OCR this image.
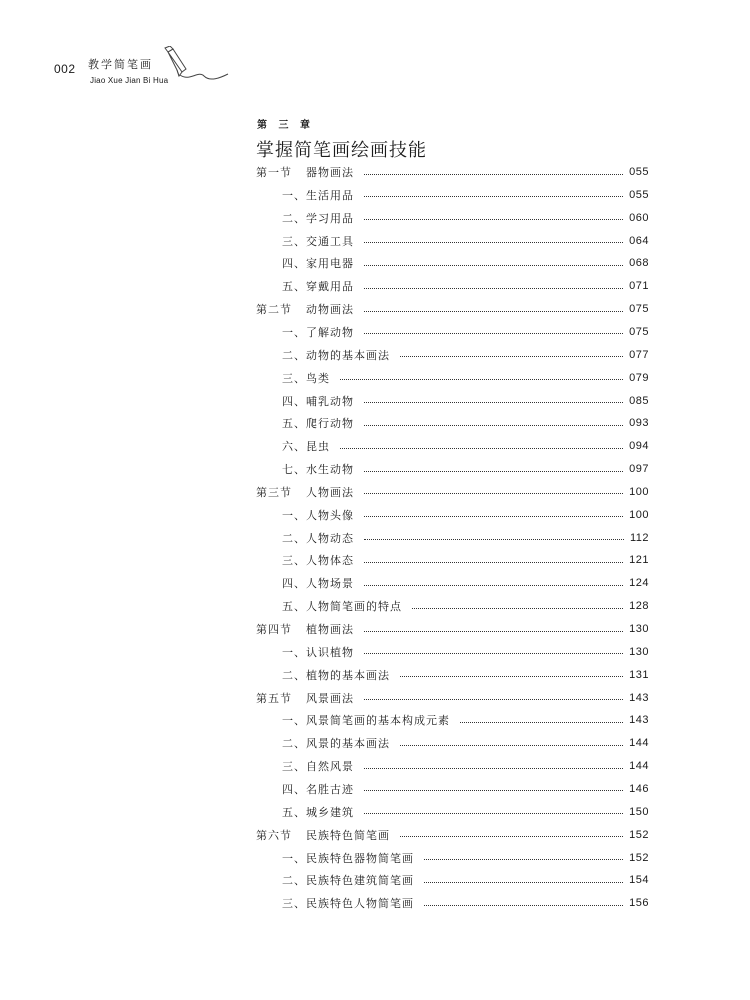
002 教学简笔画
Jiao Xue Jian Bi Hua
第 三 章
掌握简笔画绘画技能
第一节 器物画法	055
一、生活用品	055
二、学习用品	060
三、交通工具	064
四、家用电器	068
五、穿戴用品	071
第二节 动物画法	075
一、了解动物	075
二、动物的基本画法	077
三、鸟类	079
四、哺乳动物	085
五、爬行动物	093
六、昆虫	094
七、水生动物	097
第三节 人物画法	100
一、人物头像	100
二、人物动态	112
三、人物体态	121
四、人物场景	124
五、人物简笔画的特点	128
第四节 植物画法	130
一、认识植物	130
二、植物的基本画法	131
第五节 风景画法	143
一、风景简笔画的基本构成元素	143
二、风景的基本画法	144
三、自然风景	144
四、名胜古迹	146
五、城乡建筑	150
第六节 民族特色简笔画	152
一、民族特色器物简笔画	152
二、民族特色建筑简笔画	154
三、民族特色人物简笔画	156
